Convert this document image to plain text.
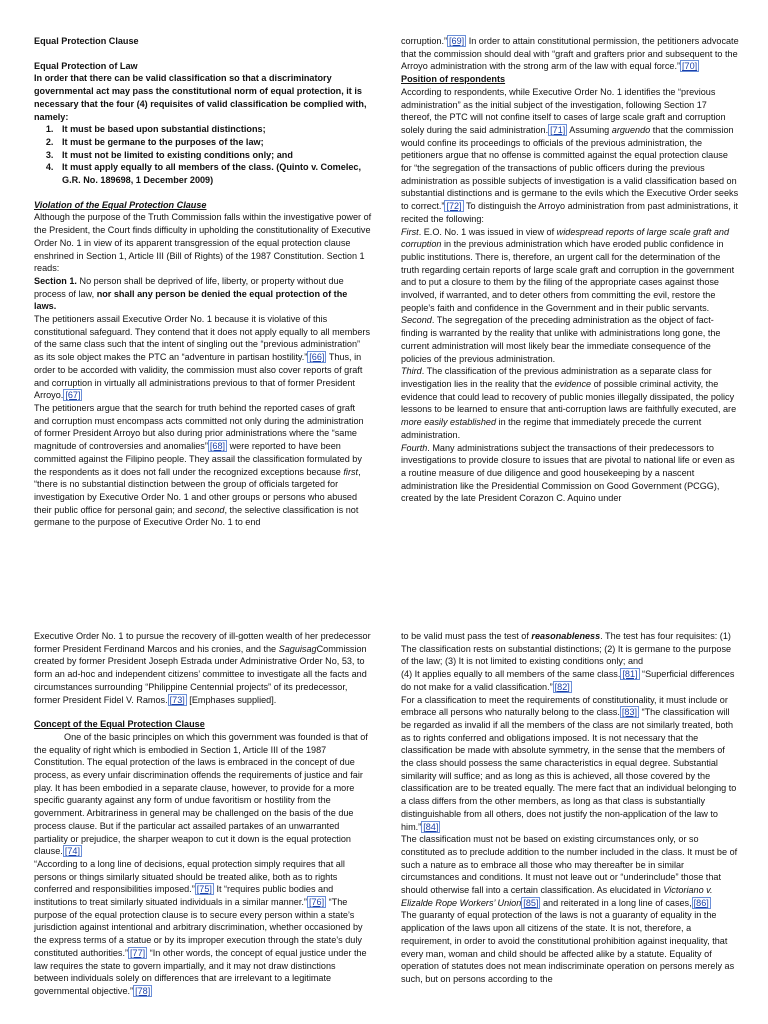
Equal Protection Clause

Equal Protection of Law

In order that there can be valid classification so that a discriminatory governmental act may pass the constitutional norm of equal protection, it is necessary that the four (4) requisites of valid classification be complied with, namely:

1. It must be based upon substantial distinctions;
2. It must be germane to the purposes of the law;
3. It must not be limited to existing conditions only; and
4. It must apply equally to all members of the class. (Quinto v. Comelec, G.R. No. 189698, 1 December 2009)

Violation of the Equal Protection Clause

Although the purpose of the Truth Commission falls within the investigative power of the President, the Court finds difficulty in upholding the constitutionality of Executive Order No. 1 in view of its apparent transgression of the equal protection clause enshrined in Section 1, Article III (Bill of Rights) of the 1987 Constitution. Section 1 reads:

Section 1. No person shall be deprived of life, liberty, or property without due process of law, nor shall any person be denied the equal protection of the laws.

The petitioners assail Executive Order No. 1 because it is violative of this constitutional safeguard. They contend that it does not apply equally to all members of the same class such that the intent of singling out the “previous administration” as its sole object makes the PTC an “adventure in partisan hostility.” [66] Thus, in order to be accorded with validity, the commission must also cover reports of graft and corruption in virtually all administrations previous to that of former President Arroyo. [67]

The petitioners argue that the search for truth behind the reported cases of graft and corruption must encompass acts committed not only during the administration of former President Arroyo but also during prior administrations where the “same magnitude of controversies and anomalies” [68] were reported to have been committed against the Filipino people. They assail the classification formulated by the respondents as it does not fall under the recognized exceptions because first, “there is no substantial distinction between the group of officials targeted for investigation by Executive Order No. 1 and other groups or persons who abused their public office for personal gain; and second, the selective classification is not germane to the purpose of Executive Order No. 1 to end

corruption.” [69] In order to attain constitutional permission, the petitioners advocate that the commission should deal with “graft and grafters prior and subsequent to the Arroyo administration with the strong arm of the law with equal force.” [70]

Position of respondents

According to respondents, while Executive Order No. 1 identifies the “previous administration” as the initial subject of the investigation, following Section 17 thereof, the PTC will not confine itself to cases of large scale graft and corruption solely during the said administration. [71] Assuming arguendo that the commission would confine its proceedings to officials of the previous administration, the petitioners argue that no offense is committed against the equal protection clause for “the segregation of the transactions of public officers during the previous administration as possible subjects of investigation is a valid classification based on substantial distinctions and is germane to the evils which the Executive Order seeks to correct.” [72] To distinguish the Arroyo administration from past administrations, it recited the following:

First. E.O. No. 1 was issued in view of widespread reports of large scale graft and corruption in the previous administration which have eroded public confidence in public institutions. There is, therefore, an urgent call for the determination of the truth regarding certain reports of large scale graft and corruption in the government and to put a closure to them by the filing of the appropriate cases against those involved, if warranted, and to deter others from committing the evil, restore the people’s faith and confidence in the Government and in their public servants.

Second. The segregation of the preceding administration as the object of fact-finding is warranted by the reality that unlike with administrations long gone, the current administration will most likely bear the immediate consequence of the policies of the previous administration.

Third. The classification of the previous administration as a separate class for investigation lies in the reality that the evidence of possible criminal activity, the evidence that could lead to recovery of public monies illegally dissipated, the policy lessons to be learned to ensure that anti-corruption laws are faithfully executed, are more easily established in the regime that immediately precede the current administration.

Fourth. Many administrations subject the transactions of their predecessors to investigations to provide closure to issues that are pivotal to national life or even as a routine measure of due diligence and good housekeeping by a nascent administration like the Presidential Commission on Good Government (PCGG), created by the late President Corazon C. Aquino under

Executive Order No. 1 to pursue the recovery of ill-gotten wealth of her predecessor former President Ferdinand Marcos and his cronies, and the SaguisagCommission created by former President Joseph Estrada under Administrative Order No, 53, to form an ad-hoc and independent citizens’ committee to investigate all the facts and circumstances surrounding “Philippine Centennial projects” of its predecessor, former President Fidel V. Ramos. [73] [Emphases supplied].

Concept of the Equal Protection Clause

One of the basic principles on which this government was founded is that of the equality of right which is embodied in Section 1, Article III of the 1987 Constitution. The equal protection of the laws is embraced in the concept of due process, as every unfair discrimination offends the requirements of justice and fair play. It has been embodied in a separate clause, however, to provide for a more specific guaranty against any form of undue favoritism or hostility from the government. Arbitrariness in general may be challenged on the basis of the due process clause. But if the particular act assailed partakes of an unwarranted partiality or prejudice, the sharper weapon to cut it down is the equal protection clause. [74]

“According to a long line of decisions, equal protection simply requires that all persons or things similarly situated should be treated alike, both as to rights conferred and responsibilities imposed.” [75] It “requires public bodies and institutions to treat similarly situated individuals in a similar manner.” [76] “The purpose of the equal protection clause is to secure every person within a state’s jurisdiction against intentional and arbitrary discrimination, whether occasioned by the express terms of a statue or by its improper execution through the state’s duly constituted authorities.” [77] “In other words, the concept of equal justice under the law requires the state to govern impartially, and it may not draw distinctions between individuals solely on differences that are irrelevant to a legitimate governmental objective.” [78]

to be valid must pass the test of reasonableness. The test has four requisites: (1) The classification rests on substantial distinctions; (2) It is germane to the purpose of the law; (3) It is not limited to existing conditions only; and

(4) It applies equally to all members of the same class. [81] “Superficial differences do not make for a valid classification.” [82]

For a classification to meet the requirements of constitutionality, it must include or embrace all persons who naturally belong to the class. [83] “The classification will be regarded as invalid if all the members of the class are not similarly treated, both as to rights conferred and obligations imposed. It is not necessary that the classification be made with absolute symmetry, in the sense that the members of the class should possess the same characteristics in equal degree. Substantial similarity will suffice; and as long as this is achieved, all those covered by the classification are to be treated equally. The mere fact that an individual belonging to a class differs from the other members, as long as that class is substantially distinguishable from all others, does not justify the non-application of the law to him.” [84]

The classification must not be based on existing circumstances only, or so constituted as to preclude addition to the number included in the class. It must be of such a nature as to embrace all those who may thereafter be in similar circumstances and conditions. It must not leave out or “underinclude” those that should otherwise fall into a certain classification. As elucidated in Victoriano v. Elizalde Rope Workers’ Union [85] and reiterated in a long line of cases, [86]

The guaranty of equal protection of the laws is not a guaranty of equality in the application of the laws upon all citizens of the state. It is not, therefore, a requirement, in order to avoid the constitutional prohibition against inequality, that every man, woman and child should be affected alike by a statute. Equality of operation of statutes does not mean indiscriminate operation on persons merely as such, but on persons according to the
